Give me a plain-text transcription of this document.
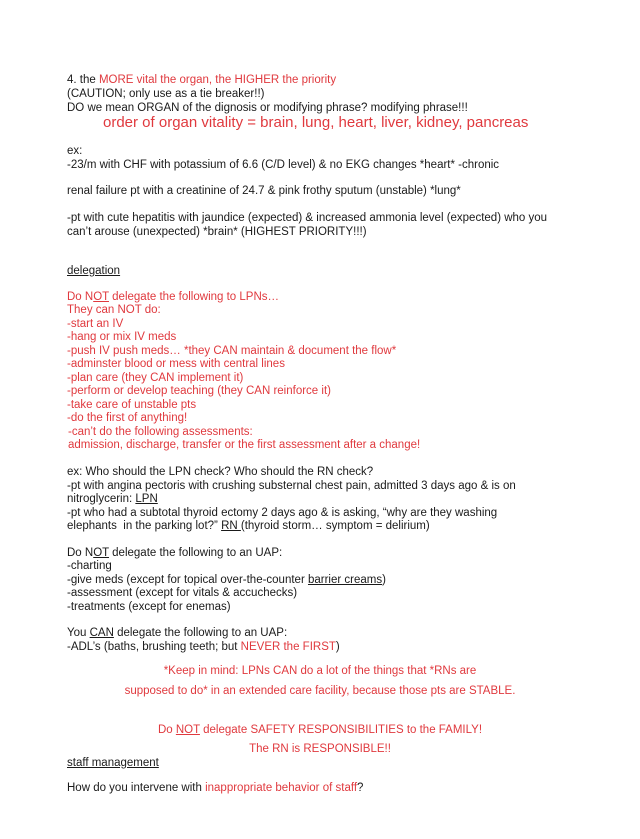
4. the MORE vital the organ, the HIGHER the priority
(CAUTION; only use as a tie breaker!!)
DO we mean ORGAN of the dignosis or modifying phrase? modifying phrase!!!
order of organ vitality = brain, lung, heart, liver, kidney, pancreas
ex:
-23/m with CHF with potassium of 6.6 (C/D level) & no EKG changes *heart* -chronic
renal failure pt with a creatinine of 24.7 & pink frothy sputum (unstable) *lung*
-pt with cute hepatitis with jaundice (expected) & increased ammonia level (expected) who you
can’t arouse (unexpected) *brain* (HIGHEST PRIORITY!!!)
delegation
Do NOT delegate the following to LPNs…
They can NOT do:
-start an IV
-hang or mix IV meds
-push IV push meds… *they CAN maintain & document the flow*
-adminster blood or mess with central lines
-plan care (they CAN implement it)
-perform or develop teaching (they CAN reinforce it)
-take care of unstable pts
-do the first of anything!
-can’t do the following assessments:
admission, discharge, transfer or the first assessment after a change!
ex: Who should the LPN check? Who should the RN check?
-pt with angina pectoris with crushing substernal chest pain, admitted 3 days ago & is on
nitroglycerin: LPN
-pt who had a subtotal thyroid ectomy 2 days ago & is asking, “why are they washing
elephants  in the parking lot?” RN (thyroid storm… symptom = delirium)
Do NOT delegate the following to an UAP:
-charting
-give meds (except for topical over-the-counter barrier creams)
-assessment (except for vitals & accuchecks)
-treatments (except for enemas)
You CAN delegate the following to an UAP:
-ADL’s (baths, brushing teeth; but NEVER the FIRST)
*Keep in mind: LPNs CAN do a lot of the things that *RNs are
supposed to do* in an extended care facility, because those pts are STABLE.
Do NOT delegate SAFETY RESPONSIBILITIES to the FAMILY!
The RN is RESPONSIBLE!!
staff management
How do you intervene with inappropriate behavior of staff?
